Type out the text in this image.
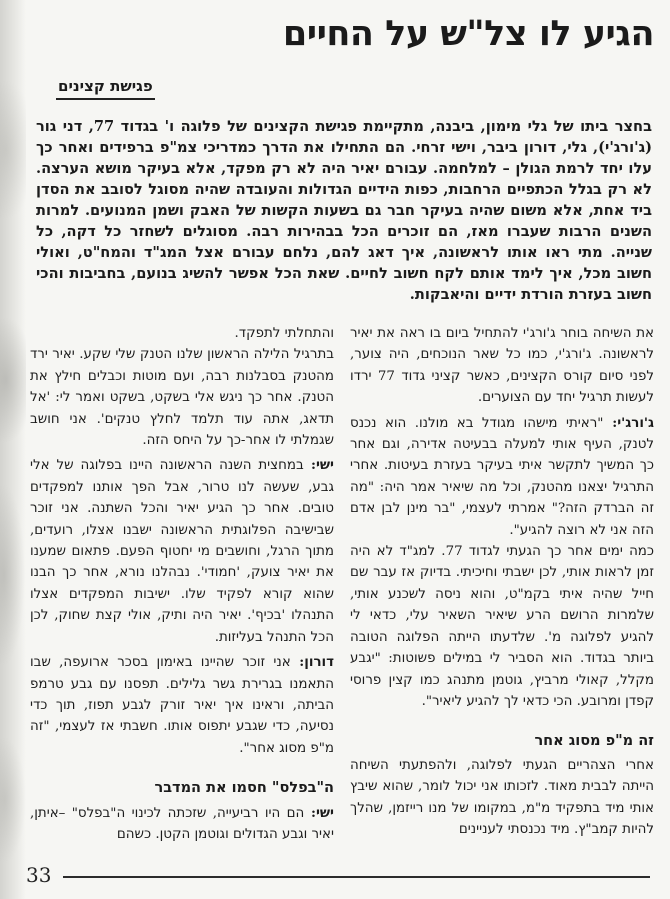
הגיע לו צל"ש על החיים
פגישת קצינים

בחצר ביתו של גלי מימון, ביבנה, מתקיימת פגישת הקצינים של פלוגה ו' בגדוד 77, דני גור (ג'ורג'י), גלי, דורון ביבר, וישי זרחי. הם התחילו את הדרך כמדריכי צמ"פ ברפידים ואחר כך עלו יחד לרמת הגולן – למלחמה. עבורם יאיר היה לא רק מפקד, אלא בעיקר מושא הערצה. לא רק בגלל הכתפיים הרחבות, כפות הידיים הגדולות והעובדה שהיה מסוגל לסובב את הסדן ביד אחת, אלא משום שהיה בעיקר חבר גם בשעות הקשות של האבק ושמן המנועים. למרות השנים הרבות שעברו מאז, הם זוכרים הכל בבהירות רבה. מסוגלים לשחזר כל דקה, כל שנייה. מתי ראו אותו לראשונה, איך דאג להם, נלחם עבורם אצל המג"ד והמח"ט, ואולי חשוב מכל, איך לימד אותם לקח חשוב לחיים. שאת הכל אפשר להשיג בנועם, בחביבות והכי חשוב בעזרת הורדת ידיים והיאבקות.

את השיחה בוחר ג'ורג'י להתחיל ביום בו ראה את יאיר לראשונה. ג'ורג'י, כמו כל שאר הנוכחים, היה צוער, לפני סיום קורס הקצינים, כאשר קציני גדוד 77 ירדו לעשות תרגיל יחד עם הצוערים.

ג'ורג'י: "ראיתי מישהו מגודל בא מולנו. הוא נכנס לטנק, העיף אותי למעלה בבעיטה אדירה, וגם אחר כך המשיך לתקשר איתי בעיקר בעזרת בעיטות. אחרי התרגיל יצאנו מהטנק, וכל מה שיאיר אמר היה: "מה זה הברדק הזה?" אמרתי לעצמי, "בר מינן לבן אדם הזה אני לא רוצה להגיע".

כמה ימים אחר כך הגעתי לגדוד 77. למג"ד לא היה זמן לראות אותי, לכן ישבתי וחיכיתי. בדיוק אז עבר שם חייל שהיה איתי בקמ"ט, והוא ניסה לשכנע אותי, שלמרות הרושם הרע שיאיר השאיר עלי, כדאי לי להגיע לפלוגה מ'. שלדעתו הייתה הפלוגה הטובה ביותר בגדוד. הוא הסביר לי במילים פשוטות: "יגבע מקלל, קאולי מרביץ, גוטמן מתנהג כמו קצין פרוסי קפדן ומרובע. הכי כדאי לך להגיע ליאיר".

זה מ"פ מסוג אחר

אחרי הצהריים הגעתי לפלוגה, ולהפתעתי השיחה הייתה לבבית מאוד. לזכותו אני יכול לומר, שהוא שיבץ אותי מיד בתפקיד מ"מ, במקומו של מנו רייזמן, שהלך להיות קמב"ץ. מיד נכנסתי לעניינים

והתחלתי לתפקד.

בתרגיל הלילה הראשון שלנו הטנק שלי שקע. יאיר ירד מהטנק בסבלנות רבה, ועם מוטות וכבלים חילץ את הטנק. אחר כך ניגש אלי בשקט, בשקט ואמר לי: 'אל תדאג, אתה עוד תלמד לחלץ טנקים'. אני חושב שגמלתי לו אחר-כך על היחס הזה.

ישי: במחצית השנה הראשונה היינו בפלוגה של אלי גבע, שעשה לנו טרור, אבל הפך אותנו למפקדים טובים. אחר כך הגיע יאיר והכל השתנה. אני זוכר שבישיבה הפלוגתית הראשונה ישבנו אצלו, רועדים, מתוך הרגל, וחושבים מי יחטוף הפעם. פתאום שמענו את יאיר צועק, 'חמודי'. נבהלנו נורא, אחר כך הבנו שהוא קורא לפקיד שלו. ישיבות המפקדים אצלו התנהלו 'בכיף'. יאיר היה ותיק, אולי קצת שחוק, לכן הכל התנהל בעליזות.

דורון: אני זוכר שהיינו באימון בסכר ארועפה, שבו התאמנו בגרירת גשר גלילים. תפסנו עם גבע טרמפ הביתה, וראינו איך יאיר זורק לגבע תפוז, תוך כדי נסיעה, כדי שגבע יתפוס אותו. חשבתי אז לעצמי, "זה מ"פ מסוג אחר".

ה"בפלס" חסמו את המדבר

ישי: הם היו רביעייה, שזכתה לכינוי ה"בפלס" –איתן, יאיר וגבע הגדולים וגוטמן הקטן. כשהם

33
